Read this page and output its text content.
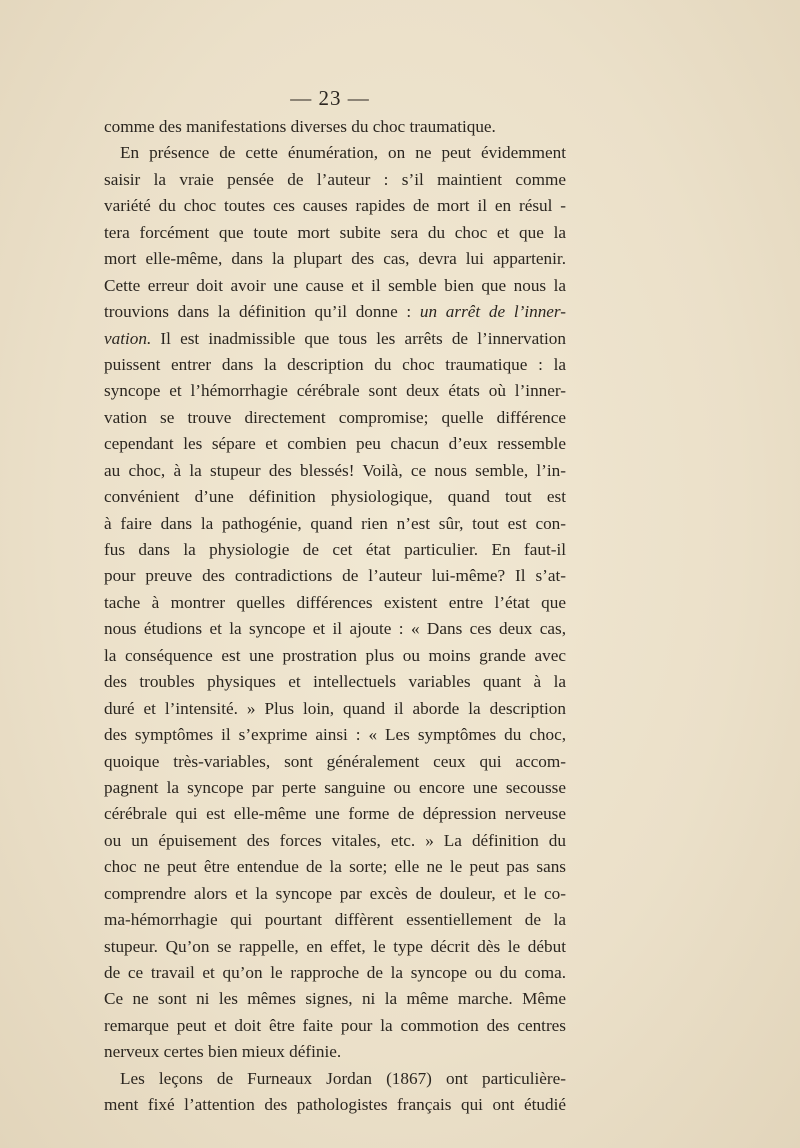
— 23 —
comme des manifestations diverses du choc traumatique.
En présence de cette énumération, on ne peut évidemment
saisir la vraie pensée de l’auteur : s’il maintient comme
variété du choc toutes ces causes rapides de mort il en résul -
tera forcément que toute mort subite sera du choc et que la
mort elle-même, dans la plupart des cas, devra lui appartenir.
Cette erreur doit avoir une cause et il semble bien que nous la
trouvions dans la définition qu’il donne : un arrêt de l’inner-
vation. Il est inadmissible que tous les arrêts de l’innervation
puissent entrer dans la description du choc traumatique : la
syncope et l’hémorrhagie cérébrale sont deux états où l’inner-
vation se trouve directement compromise; quelle différence
cependant les sépare et combien peu chacun d’eux ressemble
au choc, à la stupeur des blessés! Voilà, ce nous semble, l’in-
convénient d’une définition physiologique, quand tout est
à faire dans la pathogénie, quand rien n’est sûr, tout est con-
fus dans la physiologie de cet état particulier. En faut-il
pour preuve des contradictions de l’auteur lui-même? Il s’at-
tache à montrer quelles différences existent entre l’état que
nous étudions et la syncope et il ajoute : « Dans ces deux cas,
la conséquence est une prostration plus ou moins grande avec
des troubles physiques et intellectuels variables quant à la
duré et l’intensité. » Plus loin, quand il aborde la description
des symptômes il s’exprime ainsi : « Les symptômes du choc,
quoique très-variables, sont généralement ceux qui accom-
pagnent la syncope par perte sanguine ou encore une secousse
cérébrale qui est elle-même une forme de dépression nerveuse
ou un épuisement des forces vitales, etc. » La définition du
choc ne peut être entendue de la sorte; elle ne le peut pas sans
comprendre alors et la syncope par excès de douleur, et le co-
ma-hémorrhagie qui pourtant diffèrent essentiellement de la
stupeur. Qu’on se rappelle, en effet, le type décrit dès le début
de ce travail et qu’on le rapproche de la syncope ou du coma.
Ce ne sont ni les mêmes signes, ni la même marche. Même
remarque peut et doit être faite pour la commotion des centres
nerveux certes bien mieux définie.
Les leçons de Furneaux Jordan (1867) ont particulière-
ment fixé l’attention des pathologistes français qui ont étudié
